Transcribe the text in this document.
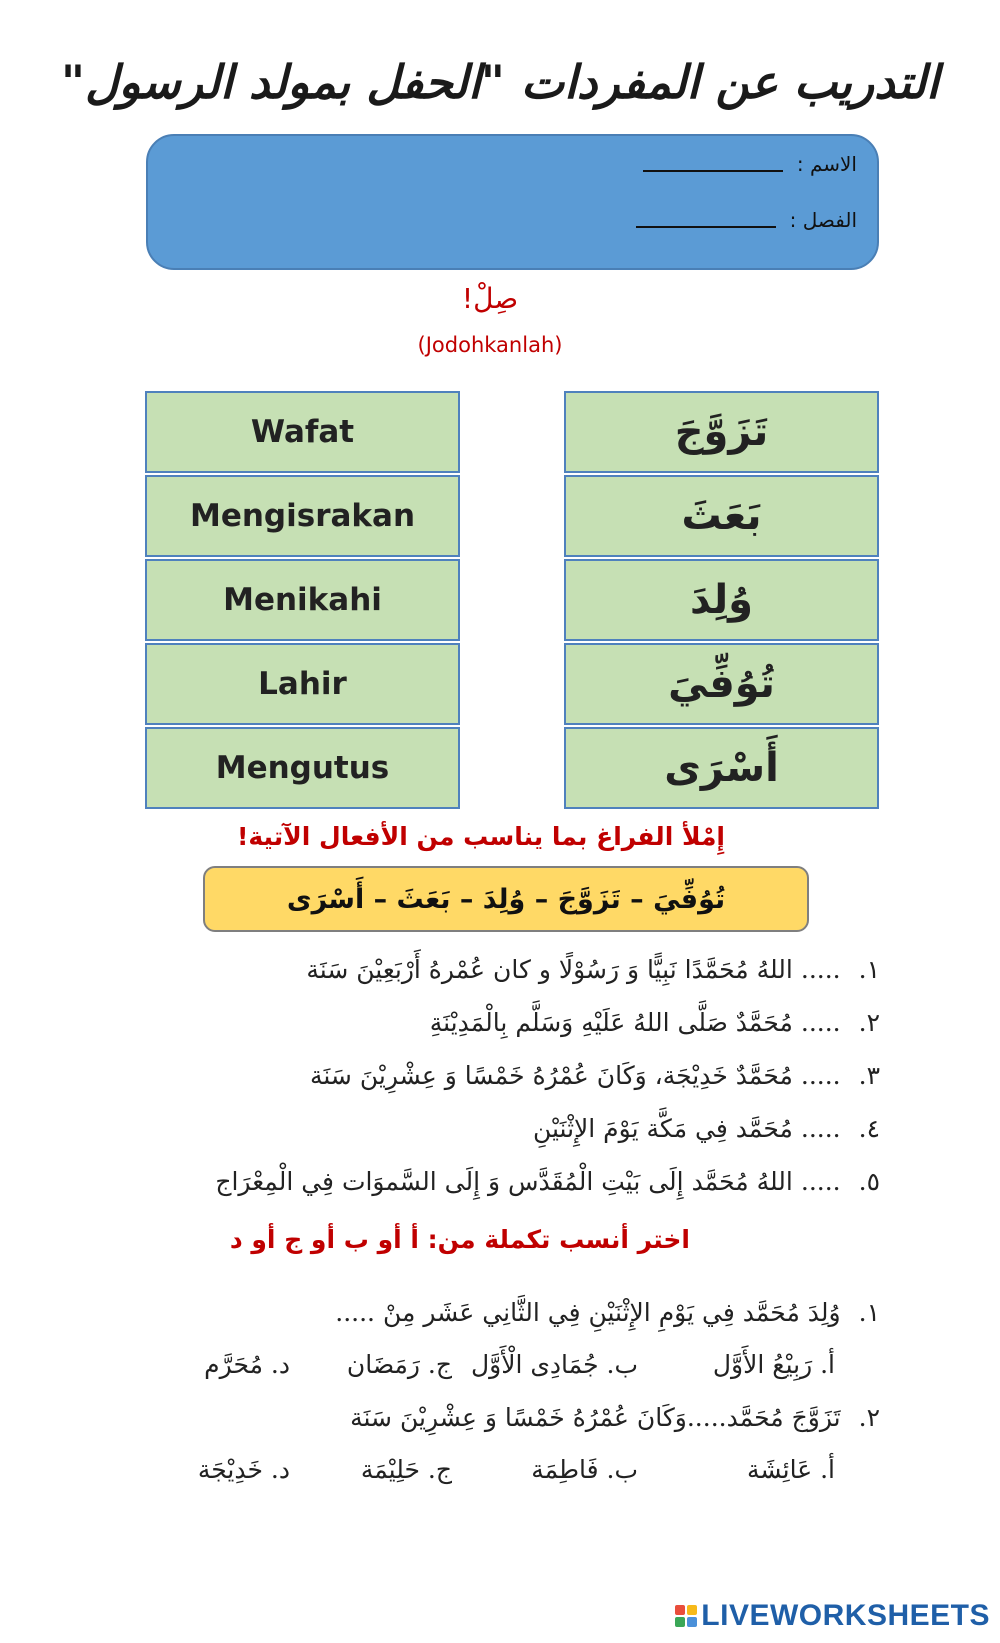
التدريب عن المفردات "الحفل بمولد الرسول"
الاسم :
الفصل :
صِلْ!
(Jodohkanlah)
Wafat
Mengisrakan
Menikahi
Lahir
Mengutus
تَزَوَّجَ
بَعَثَ
وُلِدَ
تُوُفِّيَ
أَسْرَى
إِمْلأ الفراغ بما يناسب من الأفعال الآتية!
تُوُفِّيَ – تَزَوَّجَ – وُلِدَ – بَعَثَ – أَسْرَى
١......اللهُ مُحَمَّدًا نَبِيًّا وَ رَسُوْلًا و كان عُمْرهُ أَرْبَعِيْنَ سَنَة
٢......مُحَمَّدٌ صَلَّى اللهُ عَلَيْهِ وَسَلَّم بِالْمَدِيْنَةِ
٣......مُحَمَّدٌ خَدِيْجَة، وَكَانَ عُمْرُهُ خَمْسًا وَ عِشْرِيْنَ سَنَة
٤......مُحَمَّد فِي مَكَّة يَوْمَ الإِثْنَيْنِ
٥......اللهُ مُحَمَّد إِلَى بَيْتِ الْمُقَدَّس وَ إِلَى السَّموَات فِي الْمِعْرَاج
اختر أنسب تكملة من: أ أو ب أو ج أو د
١.وُلِدَ مُحَمَّد فِي يَوْمِ الإِثْنَيْنِ فِي الثَّانِي عَشَر مِنْ .....
أ. رَبِيْعُ الأَوَّل
ب. جُمَادِى الْأَوَّل
ج. رَمَضَان
د. مُحَرَّم
٢.تَزَوَّجَ مُحَمَّد.....وَكَانَ عُمْرُهُ خَمْسًا وَ عِشْرِيْنَ سَنَة
أ. عَائِشَة
ب. فَاطِمَة
ج. حَلِيْمَة
د. خَدِيْجَة
LIVEWORKSHEETS
